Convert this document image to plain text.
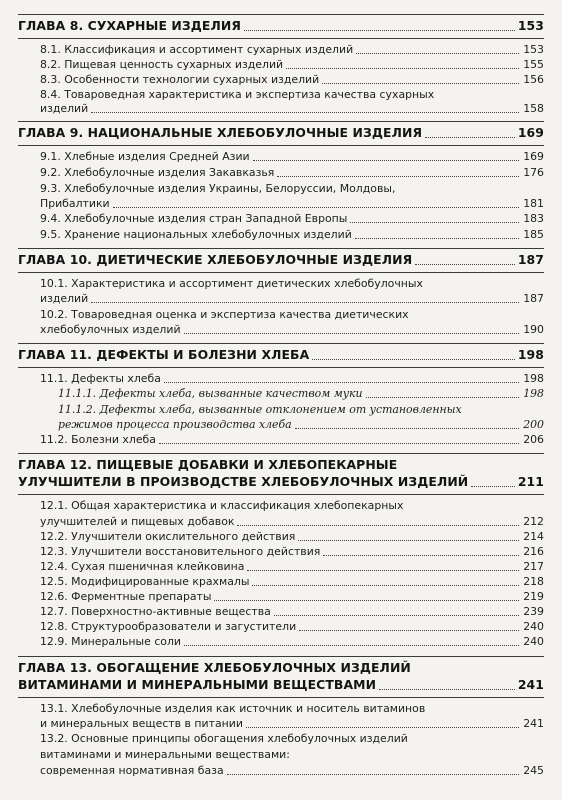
ГЛАВА 8. СУХАРНЫЕ ИЗДЕЛИЯ	153
8.1. Классификация и ассортимент сухарных изделий	153
8.2. Пищевая ценность сухарных изделий	155
8.3. Особенности технологии сухарных изделий	156
8.4. Товароведная характеристика и экспертиза качества сухарных
изделий	158
ГЛАВА 9. НАЦИОНАЛЬНЫЕ ХЛЕБОБУЛОЧНЫЕ ИЗДЕЛИЯ	169
9.1. Хлебные изделия Средней Азии	169
9.2. Хлебобулочные изделия Закавказья	176
9.3. Хлебобулочные изделия Украины, Белоруссии, Молдовы,
Прибалтики	181
9.4. Хлебобулочные изделия стран Западной Европы	183
9.5. Хранение национальных хлебобулочных изделий	185
ГЛАВА 10. ДИЕТИЧЕСКИЕ ХЛЕБОБУЛОЧНЫЕ ИЗДЕЛИЯ	187
10.1. Характеристика и ассортимент диетических хлебобулочных
изделий	187
10.2. Товароведная оценка и экспертиза качества диетических
хлебобулочных изделий	190
ГЛАВА 11. ДЕФЕКТЫ И БОЛЕЗНИ ХЛЕБА	198
11.1. Дефекты хлеба	198
11.1.1. Дефекты хлеба, вызванные качеством муки	198
11.1.2. Дефекты хлеба, вызванные отклонением от установленных
режимов процесса производства хлеба	200
11.2. Болезни хлеба	206
ГЛАВА 12. ПИЩЕВЫЕ ДОБАВКИ И ХЛЕБОПЕКАРНЫЕ
УЛУЧШИТЕЛИ В ПРОИЗВОДСТВЕ ХЛЕБОБУЛОЧНЫХ ИЗДЕЛИЙ	211
12.1. Общая характеристика и классификация хлебопекарных
улучшителей и пищевых добавок	212
12.2. Улучшители окислительного действия	214
12.3. Улучшители восстановительного действия	216
12.4. Сухая пшеничная клейковина	217
12.5. Модифицированные крахмалы	218
12.6. Ферментные препараты	219
12.7. Поверхностно-активные вещества	239
12.8. Структурообразователи и загустители	240
12.9. Минеральные соли	240
ГЛАВА 13. ОБОГАЩЕНИЕ ХЛЕБОБУЛОЧНЫХ ИЗДЕЛИЙ
ВИТАМИНАМИ И МИНЕРАЛЬНЫМИ ВЕЩЕСТВАМИ	241
13.1. Хлебобулочные изделия как источник и носитель витаминов
и минеральных веществ в питании	241
13.2. Основные принципы обогащения хлебобулочных изделий
витаминами и минеральными веществами:
современная нормативная база	245
